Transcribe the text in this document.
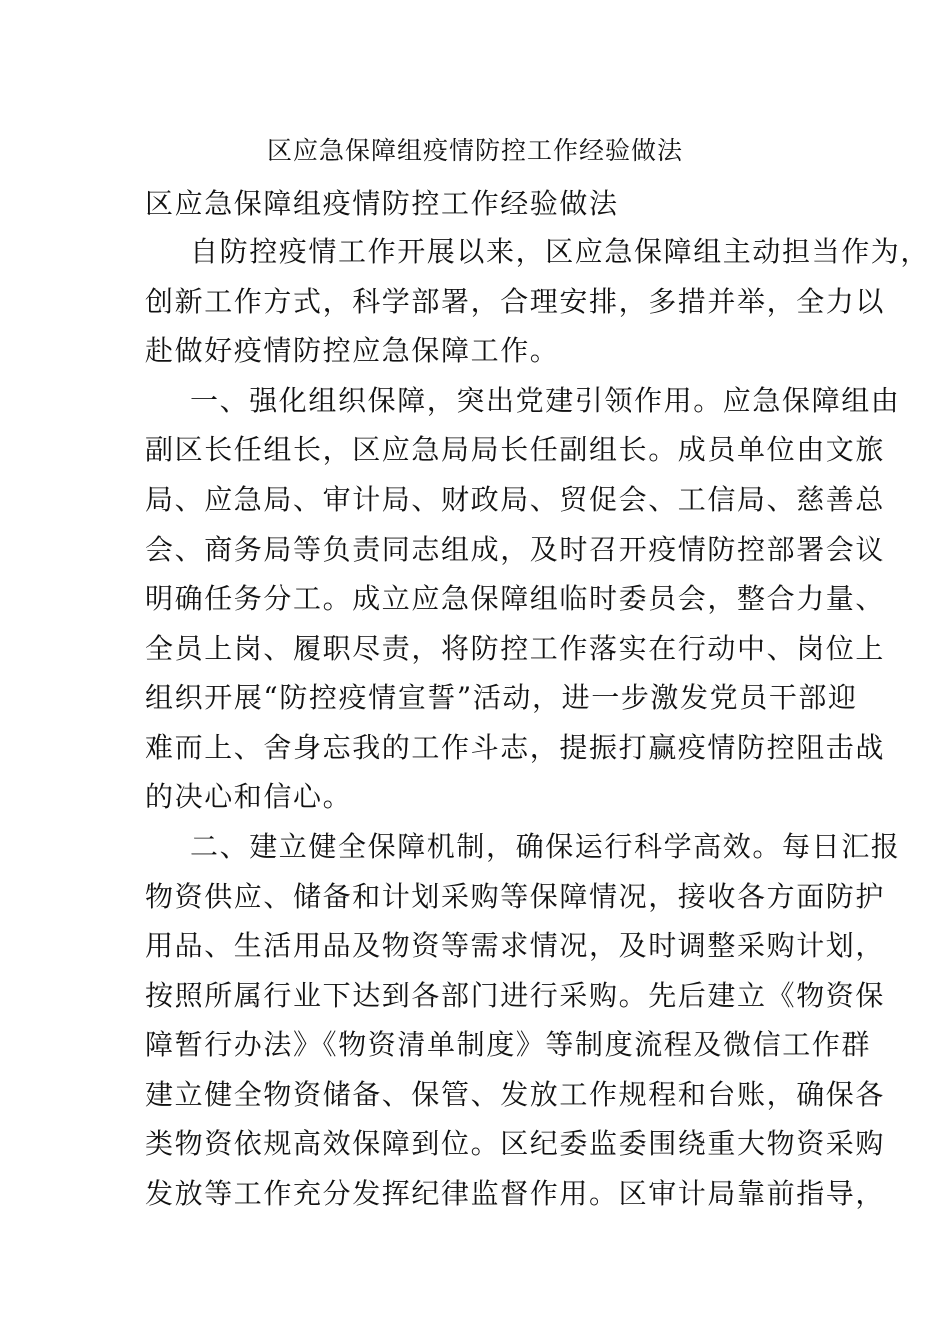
区应急保障组疫情防控工作经验做法

区应急保障组疫情防控工作经验做法

自防控疫情工作开展以来，区应急保障组主动担当作为，

创新工作方式，科学部署，合理安排，多措并举，全力以

赴做好疫情防控应急保障工作。

一、强化组织保障，突出党建引领作用。应急保障组由

副区长任组长，区应急局局长任副组长。成员单位由文旅

局、应急局、审计局、财政局、贸促会、工信局、慈善总

会、商务局等负责同志组成，及时召开疫情防控部署会议

明确任务分工。成立应急保障组临时委员会，整合力量、

全员上岗、履职尽责，将防控工作落实在行动中、岗位上

组织开展“防控疫情宣誓”活动，进一步激发党员干部迎

难而上、舍身忘我的工作斗志，提振打赢疫情防控阻击战

的决心和信心。

二、建立健全保障机制，确保运行科学高效。每日汇报

物资供应、储备和计划采购等保障情况，接收各方面防护

用品、生活用品及物资等需求情况，及时调整采购计划，

按照所属行业下达到各部门进行采购。先后建立《物资保

障暂行办法》《物资清单制度》等制度流程及微信工作群

建立健全物资储备、保管、发放工作规程和台账，确保各

类物资依规高效保障到位。区纪委监委围绕重大物资采购

发放等工作充分发挥纪律监督作用。区审计局靠前指导，
